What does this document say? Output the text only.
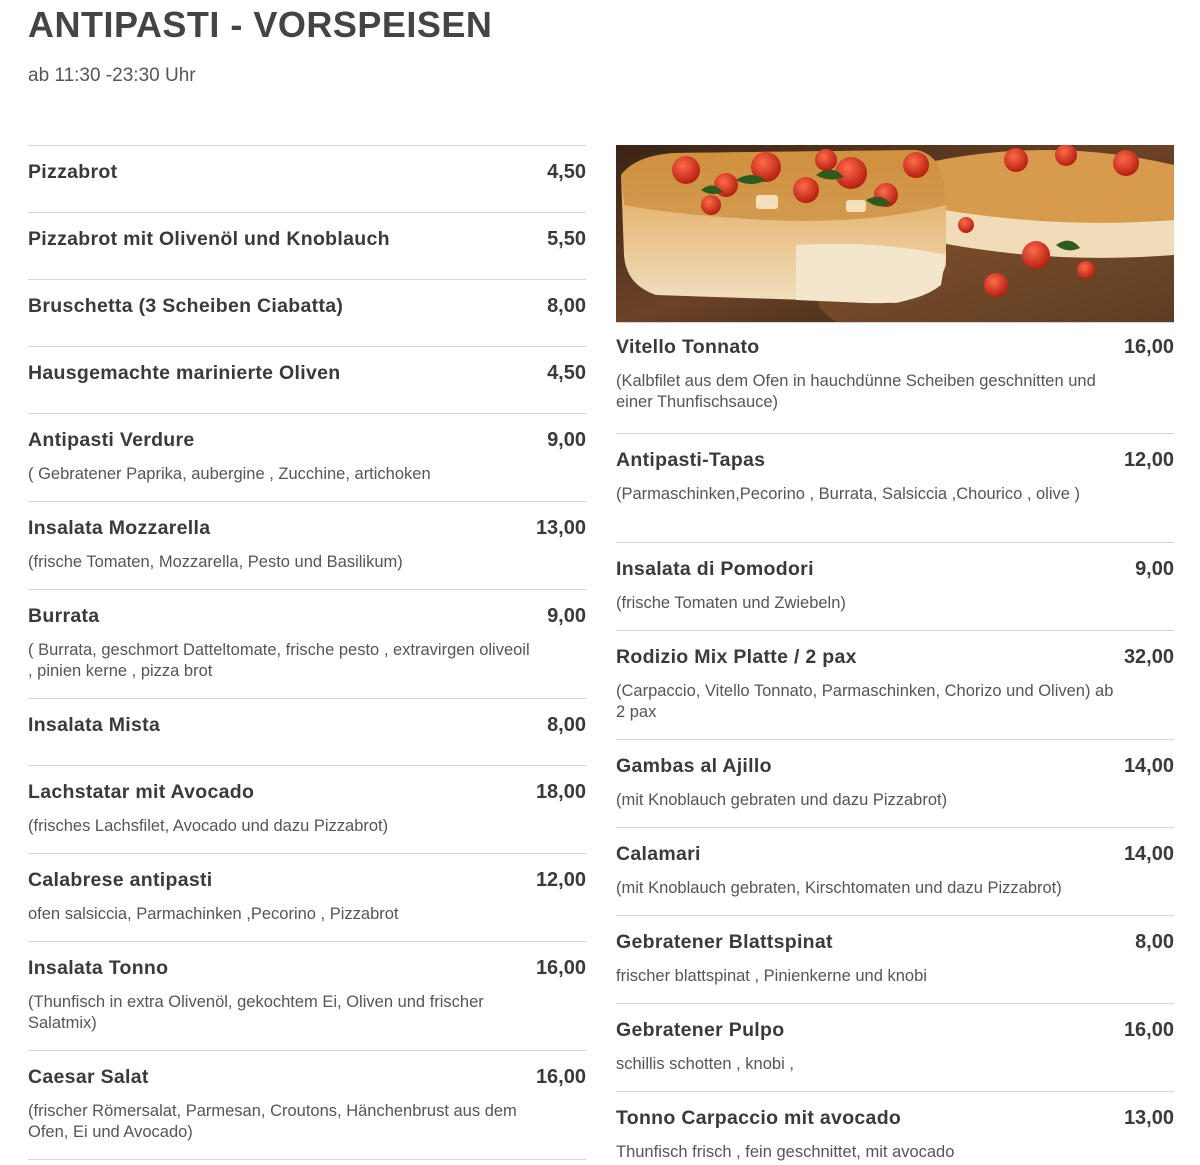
ANTIPASTI - VORSPEISEN
ab 11:30 -23:30 Uhr
Pizzabrot	4,50
Pizzabrot mit Olivenöl und Knoblauch	5,50
Bruschetta (3 Scheiben Ciabatta)	8,00
Hausgemachte marinierte Oliven	4,50
Antipasti Verdure	9,00
( Gebratener Paprika, aubergine , Zucchine, artichoken
Insalata Mozzarella	13,00
(frische Tomaten, Mozzarella, Pesto und Basilikum)
Burrata	9,00
( Burrata, geschmort Datteltomate, frische pesto , extravirgen oliveoil , pinien kerne , pizza brot
Insalata Mista	8,00
Lachstatar mit Avocado	18,00
(frisches Lachsfilet, Avocado und dazu Pizzabrot)
Calabrese antipasti	12,00
ofen salsiccia, Parmachinken ,Pecorino , Pizzabrot
Insalata Tonno	16,00
(Thunfisch in extra Olivenöl, gekochtem Ei, Oliven und frischer Salatmix)
Caesar Salat	16,00
(frischer Römersalat, Parmesan, Croutons, Hänchenbrust aus dem Ofen, Ei und Avocado)
Vitello Tonnato	16,00
(Kalbfilet aus dem Ofen in hauchdünne Scheiben geschnitten und einer Thunfischsauce)
Antipasti-Tapas	12,00
(Parmaschinken,Pecorino , Burrata, Salsiccia ,Chourico , olive )
Insalata di Pomodori	9,00
(frische Tomaten und Zwiebeln)
Rodizio Mix Platte / 2 pax	32,00
(Carpaccio, Vitello Tonnato, Parmaschinken, Chorizo und Oliven) ab 2 pax
Gambas al Ajillo	14,00
(mit Knoblauch gebraten und dazu Pizzabrot)
Calamari	14,00
(mit Knoblauch gebraten, Kirschtomaten und dazu Pizzabrot)
Gebratener Blattspinat	8,00
frischer blattspinat , Pinienkerne und knobi
Gebratener Pulpo	16,00
schillis schotten , knobi ,
Tonno Carpaccio mit avocado	13,00
Thunfisch frisch , fein geschnittet, mit avocado
